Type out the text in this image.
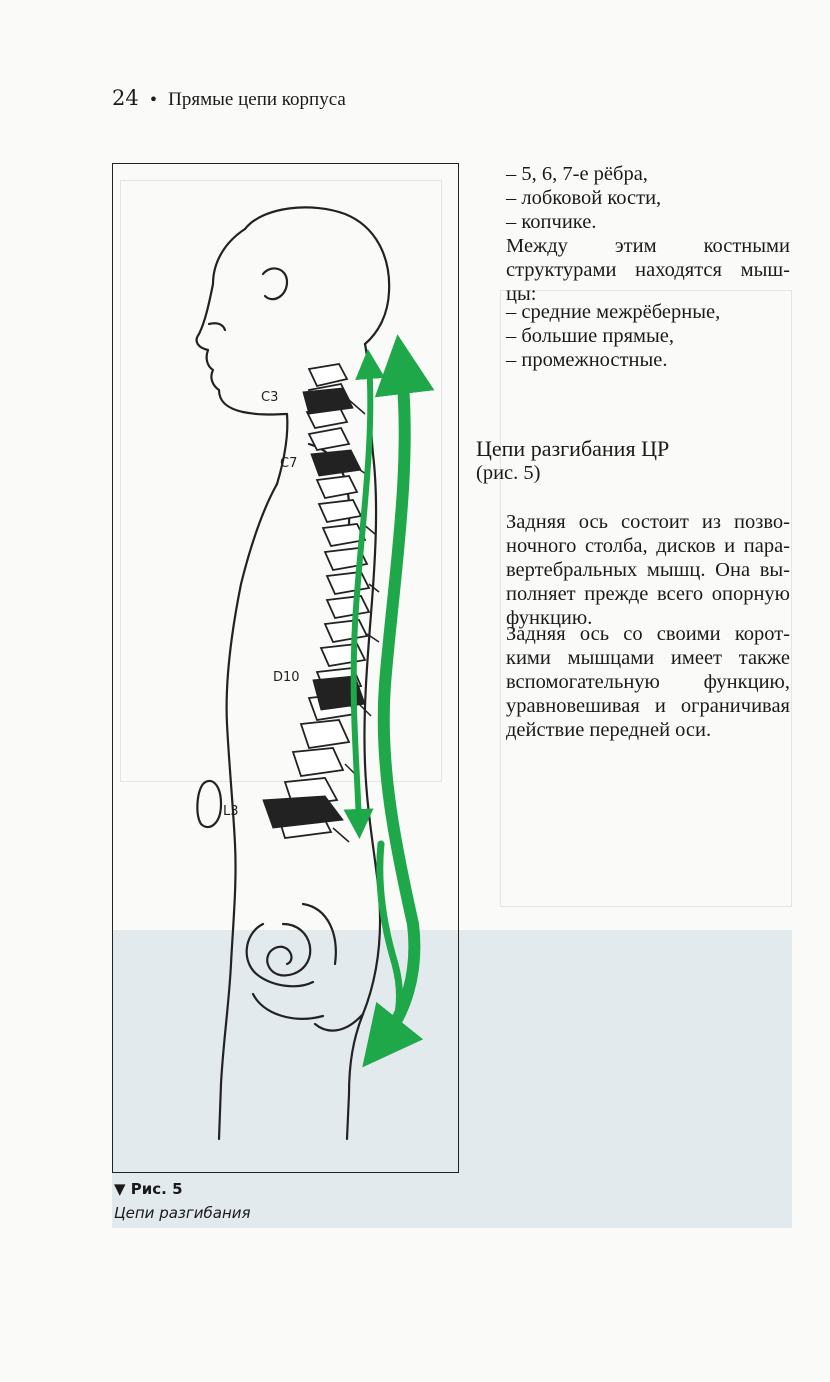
24 • Прямые цепи корпуса
C3
C7
D10
L3
▼ Рис. 5
Цепи разгибания
– 5, 6, 7-е рёбра,
– лобковой кости,
– копчике.
Между этим костными
структурами находятся мыш-
цы:
– средние межрёберные,
– большие прямые,
– промежностные.
Цепи разгибания ЦР
(рис. 5)
Задняя ось состоит из позво-
ночного столба, дисков и пара-
вертебральных мышц. Она вы-
полняет прежде всего опорную
функцию.
Задняя ось со своими корот-
кими мышцами имеет также
вспомогательную функцию,
уравновешивая и ограничивая
действие передней оси.
